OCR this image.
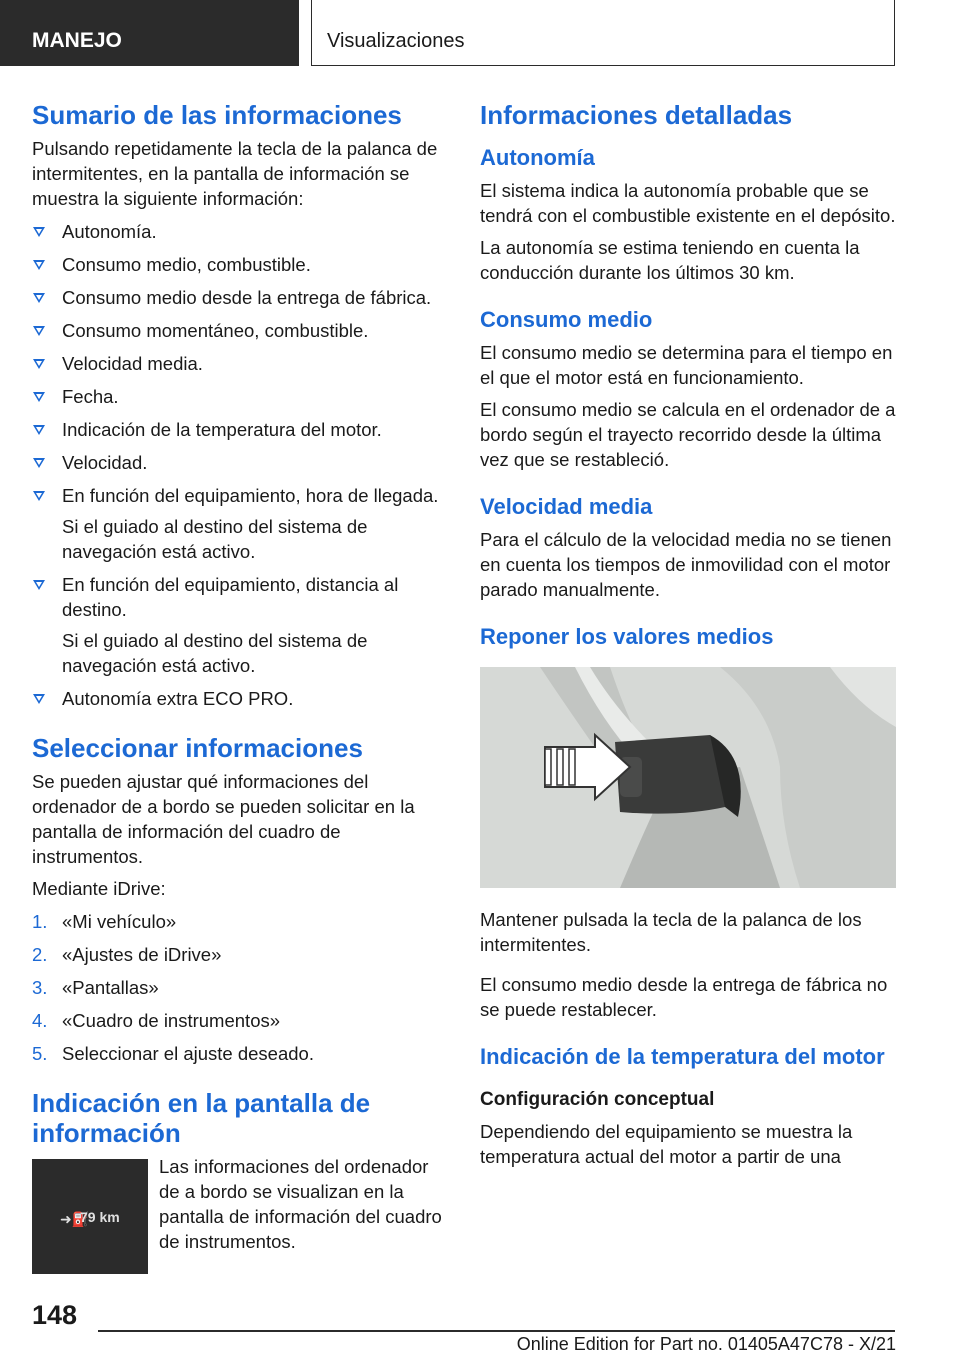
MANEJO	Visualizaciones
Sumario de las informaciones

Pulsando repetidamente la tecla de la palanca de intermitentes, en la pantalla de información se muestra la siguiente información:

Autonomía.
Consumo medio, combustible.
Consumo medio desde la entrega de fábrica.
Consumo momentáneo, combustible.
Velocidad media.
Fecha.
Indicación de la temperatura del motor.
Velocidad.
En función del equipamiento, hora de llegada.
Si el guiado al destino del sistema de navegación está activo.
En función del equipamiento, distancia al destino.
Si el guiado al destino del sistema de navegación está activo.
Autonomía extra ECO PRO.
Seleccionar informaciones

Se pueden ajustar qué informaciones del ordenador de a bordo se pueden solicitar en la pantalla de información del cuadro de instrumentos.

Mediante iDrive:

1. «Mi vehículo»
2. «Ajustes de iDrive»
3. «Pantallas»
4. «Cuadro de instrumentos»
5. Seleccionar el ajuste deseado.
Indicación en la pantalla de información
➜⛽
79 km

Las informaciones del ordenador de a bordo se visualizan en la pantalla de información del cuadro de instrumentos.

Informaciones detalladas
Autonomía

El sistema indica la autonomía probable que se tendrá con el combustible existente en el depósito.

La autonomía se estima teniendo en cuenta la conducción durante los últimos 30 km.

Consumo medio

El consumo medio se determina para el tiempo en el que el motor está en funcionamiento.

El consumo medio se calcula en el ordenador de a bordo según el trayecto recorrido desde la última vez que se restableció.

Velocidad media

Para el cálculo de la velocidad media no se tienen en cuenta los tiempos de inmovilidad con el motor parado manualmente.

Reponer los valores medios

Mantener pulsada la tecla de la palanca de los intermitentes.

El consumo medio desde la entrega de fábrica no se puede restablecer.

Indicación de la temperatura del motor
Configuración conceptual

Dependiendo del equipamiento se muestra la temperatura actual del motor a partir de una

148
Online Edition for Part no. 01405A47C78 - X/21
